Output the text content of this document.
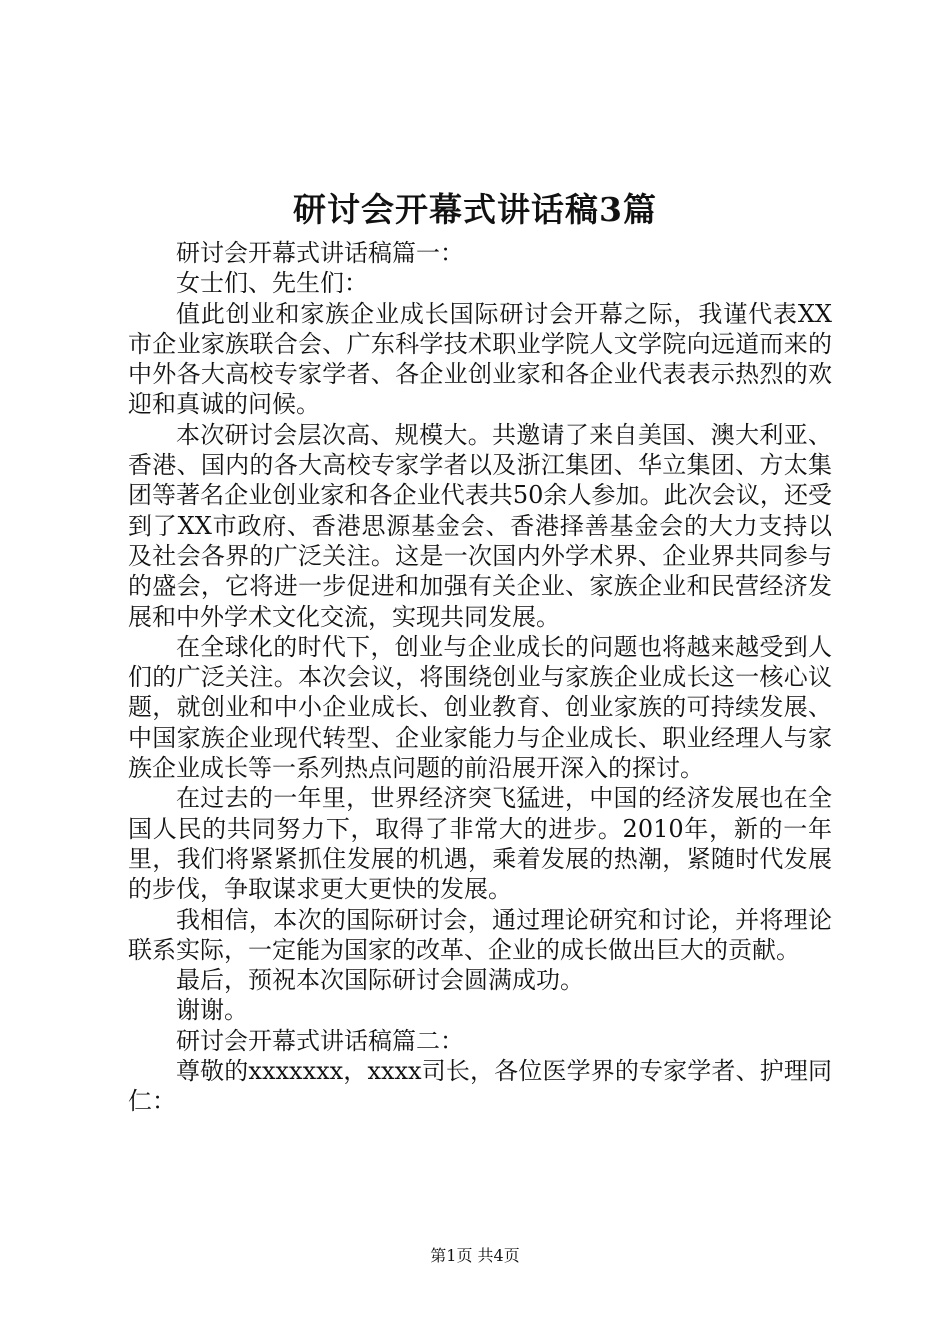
研讨会开幕式讲话稿3篇

研讨会开幕式讲话稿篇一：

女士们、先生们：

值此创业和家族企业成长国际研讨会开幕之际，我谨代表XX市企业家族联合会、广东科学技术职业学院人文学院向远道而来的中外各大高校专家学者、各企业创业家和各企业代表表示热烈的欢迎和真诚的问候。

本次研讨会层次高、规模大。共邀请了来自美国、澳大利亚、香港、国内的各大高校专家学者以及浙江集团、华立集团、方太集团等著名企业创业家和各企业代表共50余人参加。此次会议，还受到了XX市政府、香港思源基金会、香港择善基金会的大力支持以及社会各界的广泛关注。这是一次国内外学术界、企业界共同参与的盛会，它将进一步促进和加强有关企业、家族企业和民营经济发展和中外学术文化交流，实现共同发展。

在全球化的时代下，创业与企业成长的问题也将越来越受到人们的广泛关注。本次会议，将围绕创业与家族企业成长这一核心议题，就创业和中小企业成长、创业教育、创业家族的可持续发展、中国家族企业现代转型、企业家能力与企业成长、职业经理人与家族企业成长等一系列热点问题的前沿展开深入的探讨。

在过去的一年里，世界经济突飞猛进，中国的经济发展也在全国人民的共同努力下，取得了非常大的进步。2010年，新的一年里，我们将紧紧抓住发展的机遇，乘着发展的热潮，紧随时代发展的步伐，争取谋求更大更快的发展。

我相信，本次的国际研讨会，通过理论研究和讨论，并将理论联系实际，一定能为国家的改革、企业的成长做出巨大的贡献。

最后，预祝本次国际研讨会圆满成功。

谢谢。

研讨会开幕式讲话稿篇二：

尊敬的xxxxxxx，xxxx司长，各位医学界的专家学者、护理同仁：

第1页 共4页
